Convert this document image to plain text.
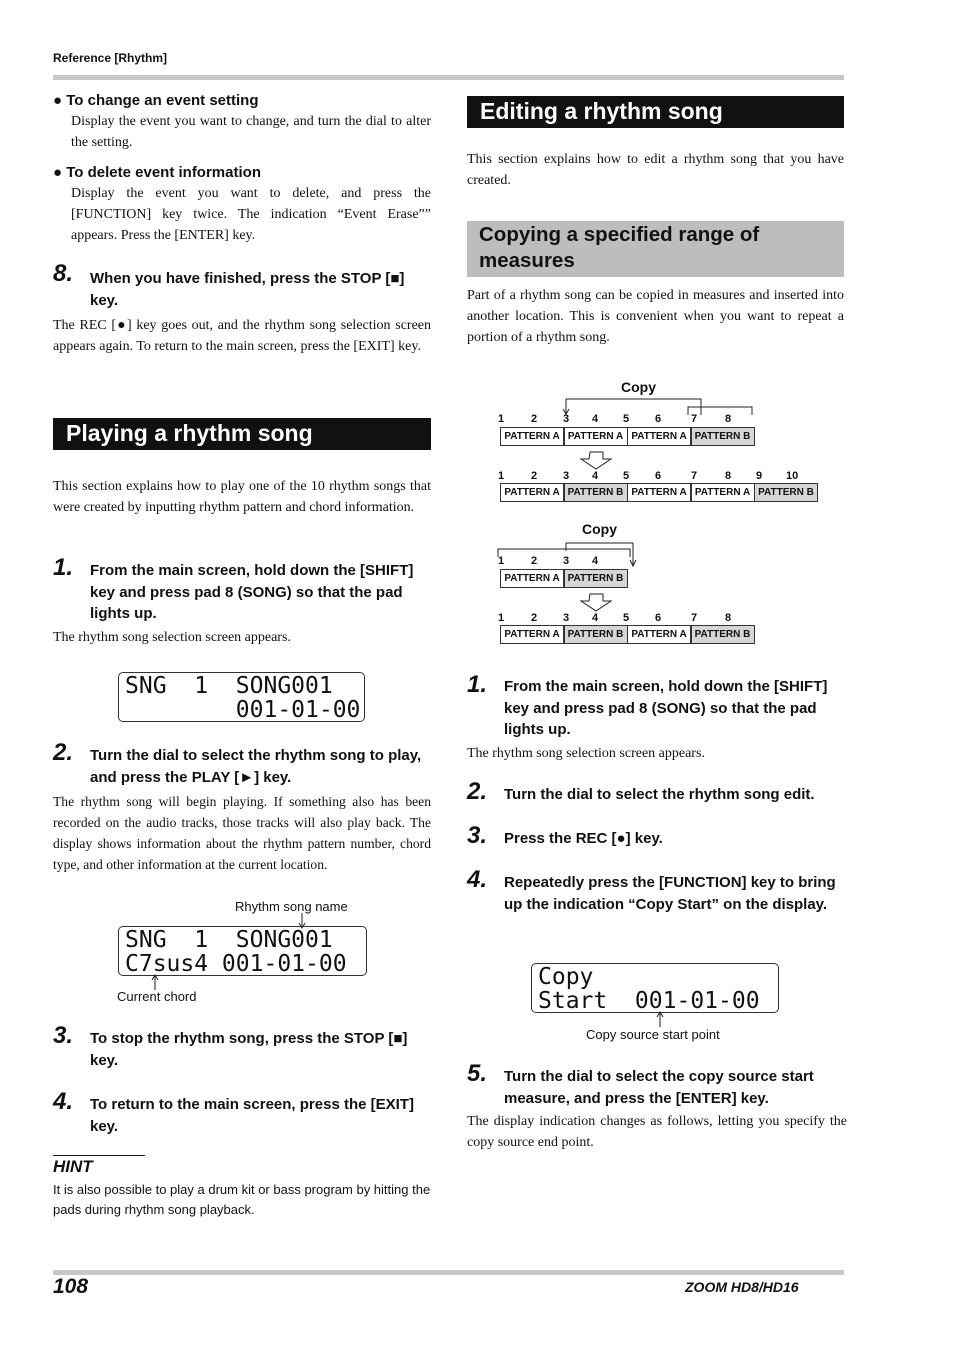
Reference [Rhythm]
● To change an event setting
Display the event you want to change, and turn the dial to alter the setting.
● To delete event information
Display the event you want to delete, and press the [FUNCTION] key twice. The indication “Event Erase”” appears. Press the [ENTER] key.
8. When you have finished, press the STOP [■] key.
The REC [●] key goes out, and the rhythm song selection screen appears again. To return to the main screen, press the [EXIT] key.
Playing a rhythm song
This section explains how to play one of the 10 rhythm songs that were created by inputting rhythm pattern and chord information.
1. From the main screen, hold down the [SHIFT] key and press pad 8 (SONG) so that the pad lights up.
The rhythm song selection screen appears.
SNG  1  SONG001
001-01-00
2. Turn the dial to select the rhythm song to play, and press the PLAY [►] key.
The rhythm song will begin playing. If something also has been recorded on the audio tracks, those tracks will also play back. The display shows information about the rhythm pattern number, chord type, and other information at the current location.
Rhythm song name
SNG  1  SONG001
C7sus4 001-01-00
Current chord
3. To stop the rhythm song, press the STOP [■] key.
4. To return to the main screen, press the [EXIT] key.
HINT
It is also possible to play a drum kit or bass program by hitting the pads during rhythm song playback.
Editing a rhythm song
This section explains how to edit a rhythm song that you have created.
Copying a specified range of measures
Part of a rhythm song can be copied in measures and inserted into another location. This is convenient when you want to repeat a portion of a rhythm song.
Copy
Copy
1 2 3 4 5 6	7	8
PATTERN A PATTERN A PATTERN A PATTERN B
1 2 3 4 5 6	7	8 9 10
PATTERN A PATTERN B PATTERN A PATTERN A PATTERN B
1 2 3 4
PATTERN A PATTERN B
1 2 3 4 5 6	7	8
PATTERN A PATTERN B PATTERN A PATTERN B
1. From the main screen, hold down the [SHIFT] key and press pad 8 (SONG) so that the pad lights up.
The rhythm song selection screen appears.
2. Turn the dial to select the rhythm song edit.
3. Press the REC [●] key.
4. Repeatedly press the [FUNCTION] key to bring up the indication “Copy Start” on the display.
Copy
Start  001-01-00
Copy source start point
5. Turn the dial to select the copy source start measure, and press the [ENTER] key.
The display indication changes as follows, letting you specify the copy source end point.
108	ZOOM HD8/HD16
